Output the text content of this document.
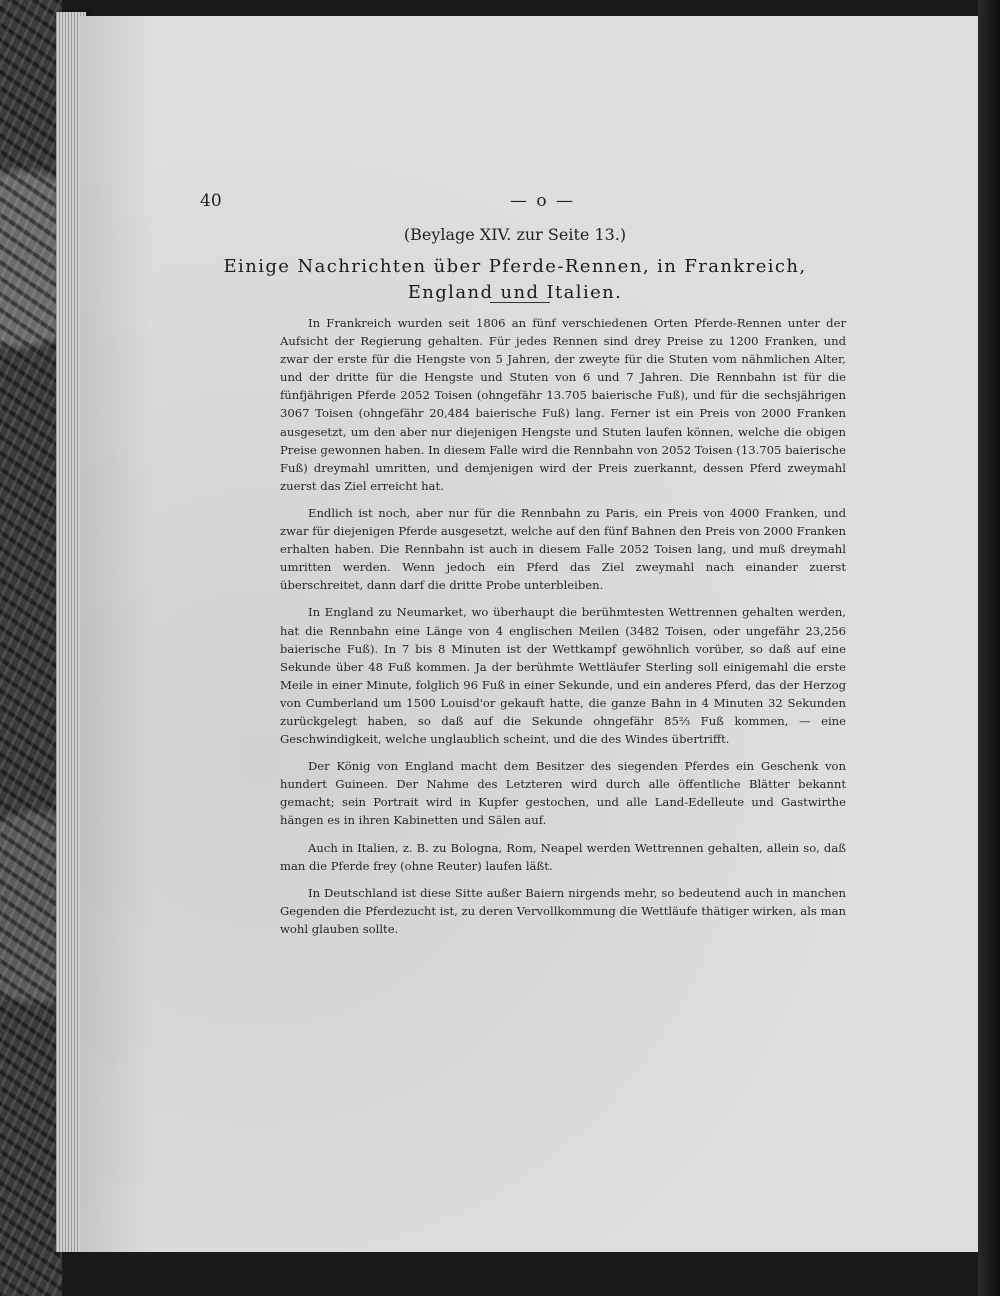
40	— o —
(Beylage XIV. zur Seite 13.)
Einige Nachrichten über Pferde-Rennen, in Frankreich,
England und Italien.

In Frankreich wurden seit 1806 an fünf verschiedenen Orten Pferde-Rennen unter der Aufsicht der Regierung gehalten. Für jedes Rennen sind drey Preise zu 1200 Franken, und zwar der erste für die Hengste von 5 Jahren, der zweyte für die Stuten vom nähmlichen Alter, und der dritte für die Hengste und Stuten von 6 und 7 Jahren. Die Rennbahn ist für die fünfjährigen Pferde 2052 Toisen (ohngefähr 13.705 baierische Fuß), und für die sechsjährigen 3067 Toisen (ohngefähr 20,484 baierische Fuß) lang. Ferner ist ein Preis von 2000 Franken ausgesetzt, um den aber nur diejenigen Hengste und Stuten laufen können, welche die obigen Preise gewonnen haben. In diesem Falle wird die Rennbahn von 2052 Toisen (13.705 baierische Fuß) dreymahl umritten, und demjenigen wird der Preis zuerkannt, dessen Pferd zweymahl zuerst das Ziel erreicht hat.

Endlich ist noch, aber nur für die Rennbahn zu Paris, ein Preis von 4000 Franken, und zwar für diejenigen Pferde ausgesetzt, welche auf den fünf Bahnen den Preis von 2000 Franken erhalten haben. Die Rennbahn ist auch in diesem Falle 2052 Toisen lang, und muß dreymahl umritten werden. Wenn jedoch ein Pferd das Ziel zweymahl nach einander zuerst überschreitet, dann darf die dritte Probe unterbleiben.

In England zu Neumarket, wo überhaupt die berühmtesten Wettrennen gehalten werden, hat die Rennbahn eine Länge von 4 englischen Meilen (3482 Toisen, oder ungefähr 23,256 baierische Fuß). In 7 bis 8 Minuten ist der Wettkampf gewöhnlich vorüber, so daß auf eine Sekunde über 48 Fuß kommen. Ja der berühmte Wettläufer Sterling soll einigemahl die erste Meile in einer Minute, folglich 96 Fuß in einer Sekunde, und ein anderes Pferd, das der Herzog von Cumberland um 1500 Louisd'or gekauft hatte, die ganze Bahn in 4 Minuten 32 Sekunden zurückgelegt haben, so daß auf die Sekunde ohngefähr 85⅔ Fuß kommen, — eine Geschwindigkeit, welche unglaublich scheint, und die des Windes übertrifft.

Der König von England macht dem Besitzer des siegenden Pferdes ein Geschenk von hundert Guineen. Der Nahme des Letzteren wird durch alle öffentliche Blätter bekannt gemacht; sein Portrait wird in Kupfer gestochen, und alle Land-Edelleute und Gastwirthe hängen es in ihren Kabinetten und Sälen auf.

Auch in Italien, z. B. zu Bologna, Rom, Neapel werden Wettrennen gehalten, allein so, daß man die Pferde frey (ohne Reuter) laufen läßt.

In Deutschland ist diese Sitte außer Baiern nirgends mehr, so bedeutend auch in manchen Gegenden die Pferdezucht ist, zu deren Vervollkommung die Wettläufe thätiger wirken, als man wohl glauben sollte.
